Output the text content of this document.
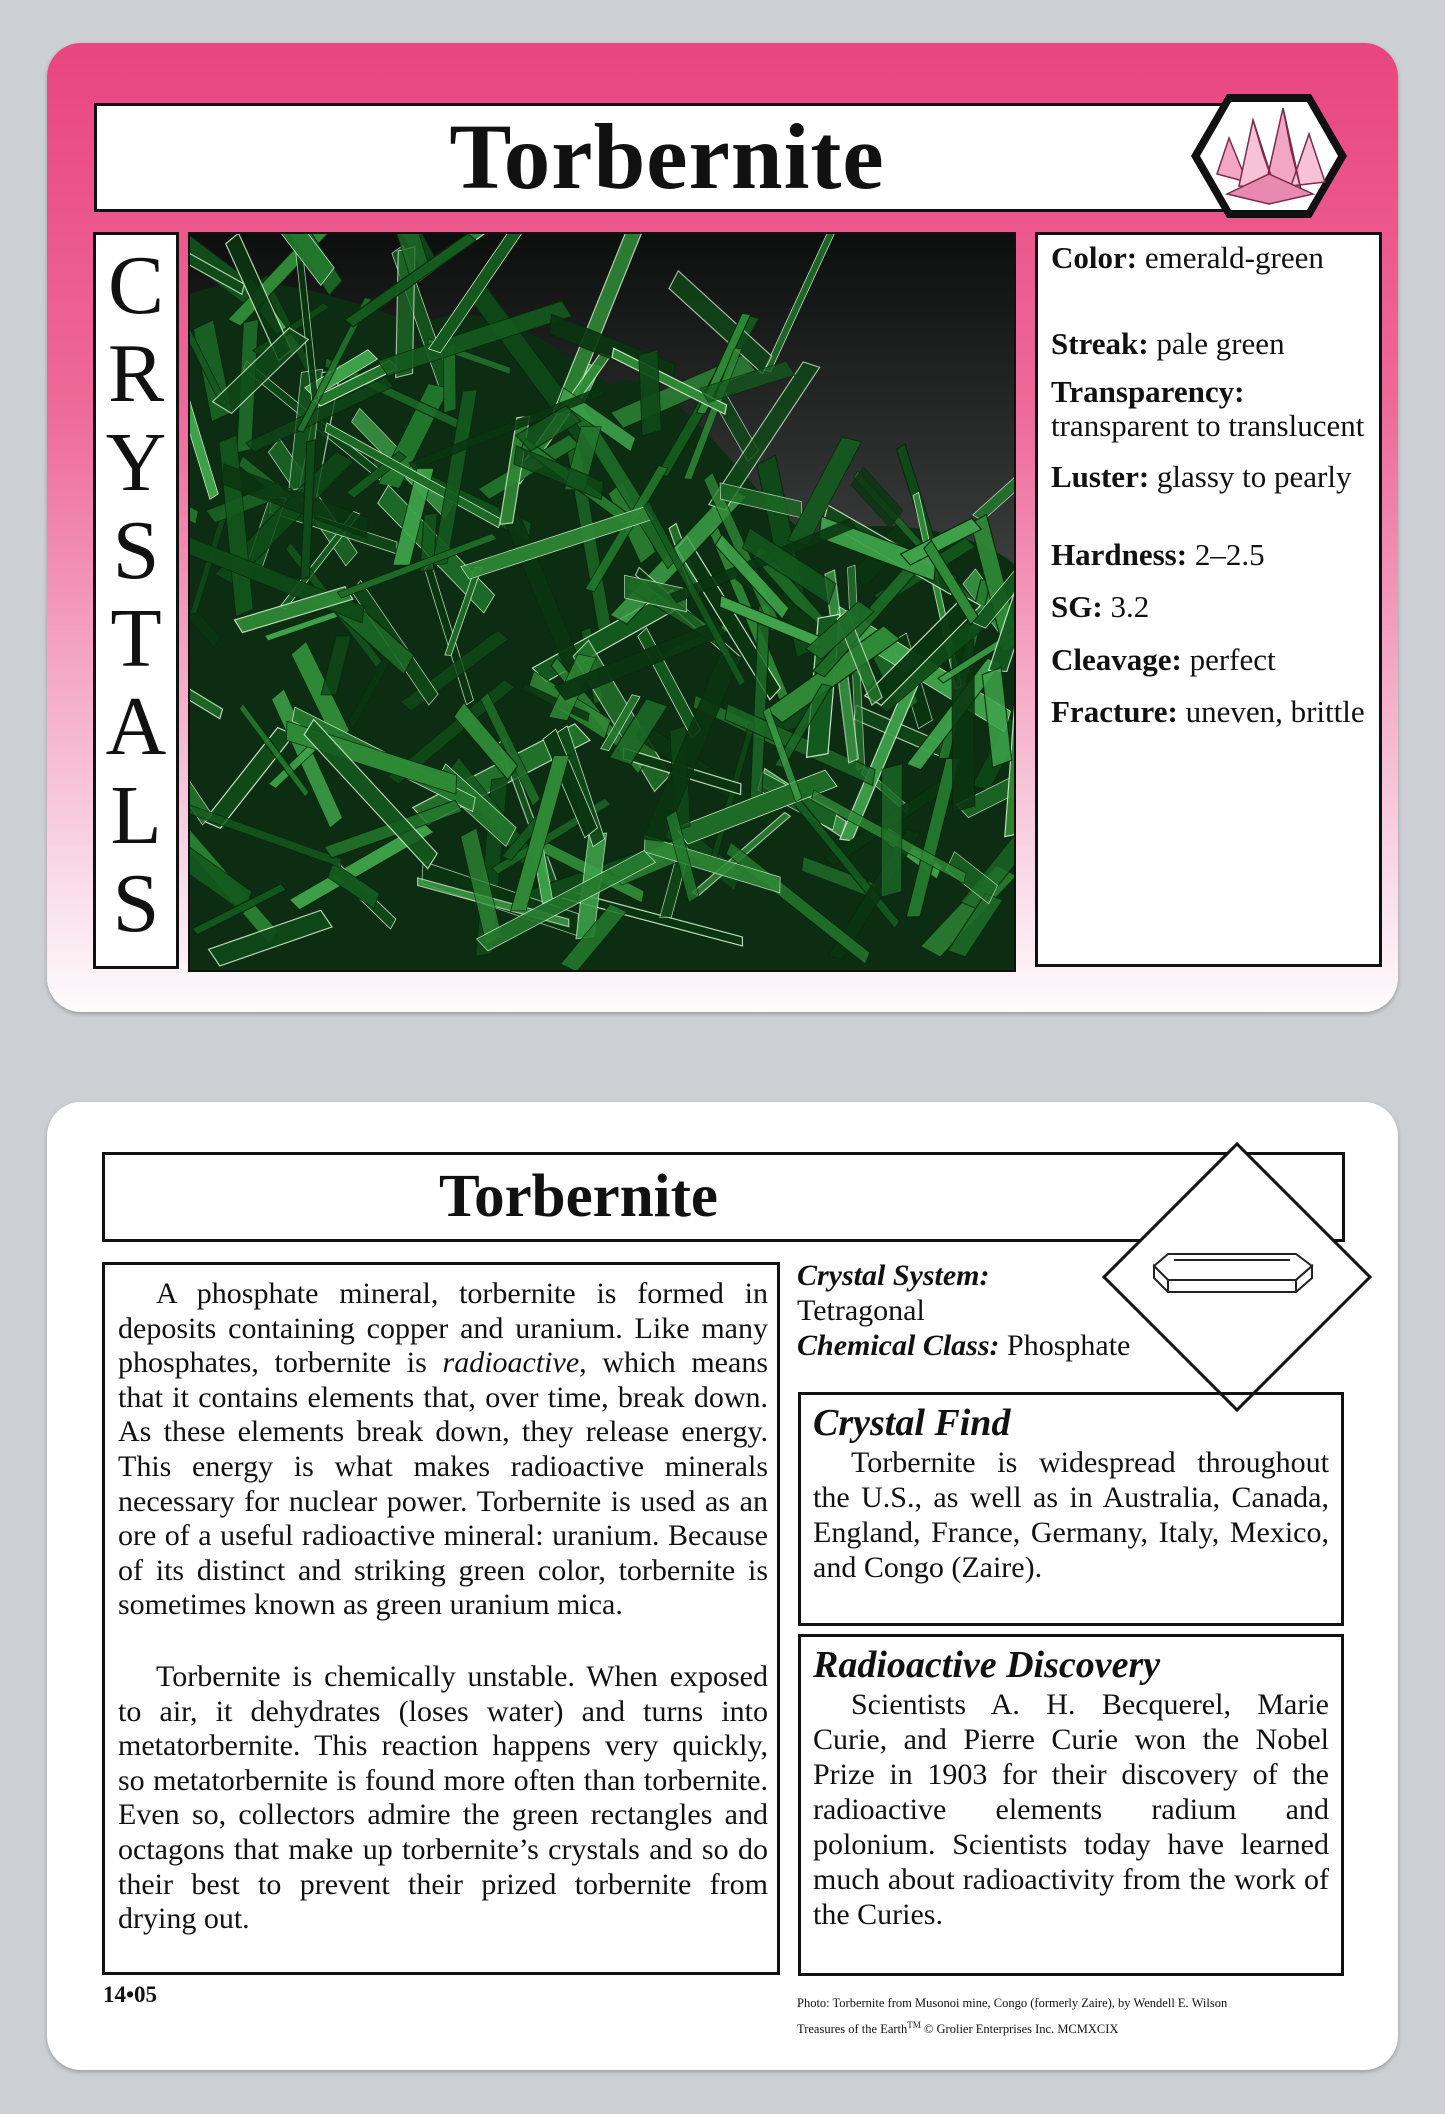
Torbernite
C
R
Y
S
T
A
L
S
Color: emerald-green
Streak: pale green
Transparency: transparent to translucent
Luster: glassy to pearly
Hardness: 2–2.5
SG: 3.2
Cleavage: perfect
Fracture: uneven, brittle
Torbernite

A phosphate mineral, torbernite is formed in deposits containing copper and uranium. Like many phosphates, torbernite is radioactive, which means that it contains elements that, over time, break down. As these elements break down, they release energy. This energy is what makes radioactive minerals necessary for nuclear power. Torbernite is used as an ore of a useful radioactive mineral: uranium. Because of its distinct and striking green color, torbernite is sometimes known as green uranium mica.

Torbernite is chemically unstable. When exposed to air, it dehydrates (loses water) and turns into metatorbernite. This reaction happens very quickly, so metatorbernite is found more often than torbernite. Even so, collectors admire the green rectangles and octagons that make up torbernite’s crystals and so do their best to prevent their prized torbernite from drying out.

Crystal System:
Tetragonal
Chemical Class: Phosphate
Crystal Find
Torbernite is widespread throughout the U.S., as well as in Australia, Canada, England, France, Germany, Italy, Mexico, and Congo (Zaire).
Radioactive Discovery
Scientists A. H. Becquerel, Marie Curie, and Pierre Curie won the Nobel Prize in 1903 for their discovery of the radioactive elements radium and polonium. Scientists today have learned much about radioactivity from the work of the Curies.
14•05	Photo: Torbernite from Musonoi mine, Congo (formerly Zaire), by Wendell E. Wilson
Treasures of the Earth™ © Grolier Enterprises Inc. MCMXCIX
